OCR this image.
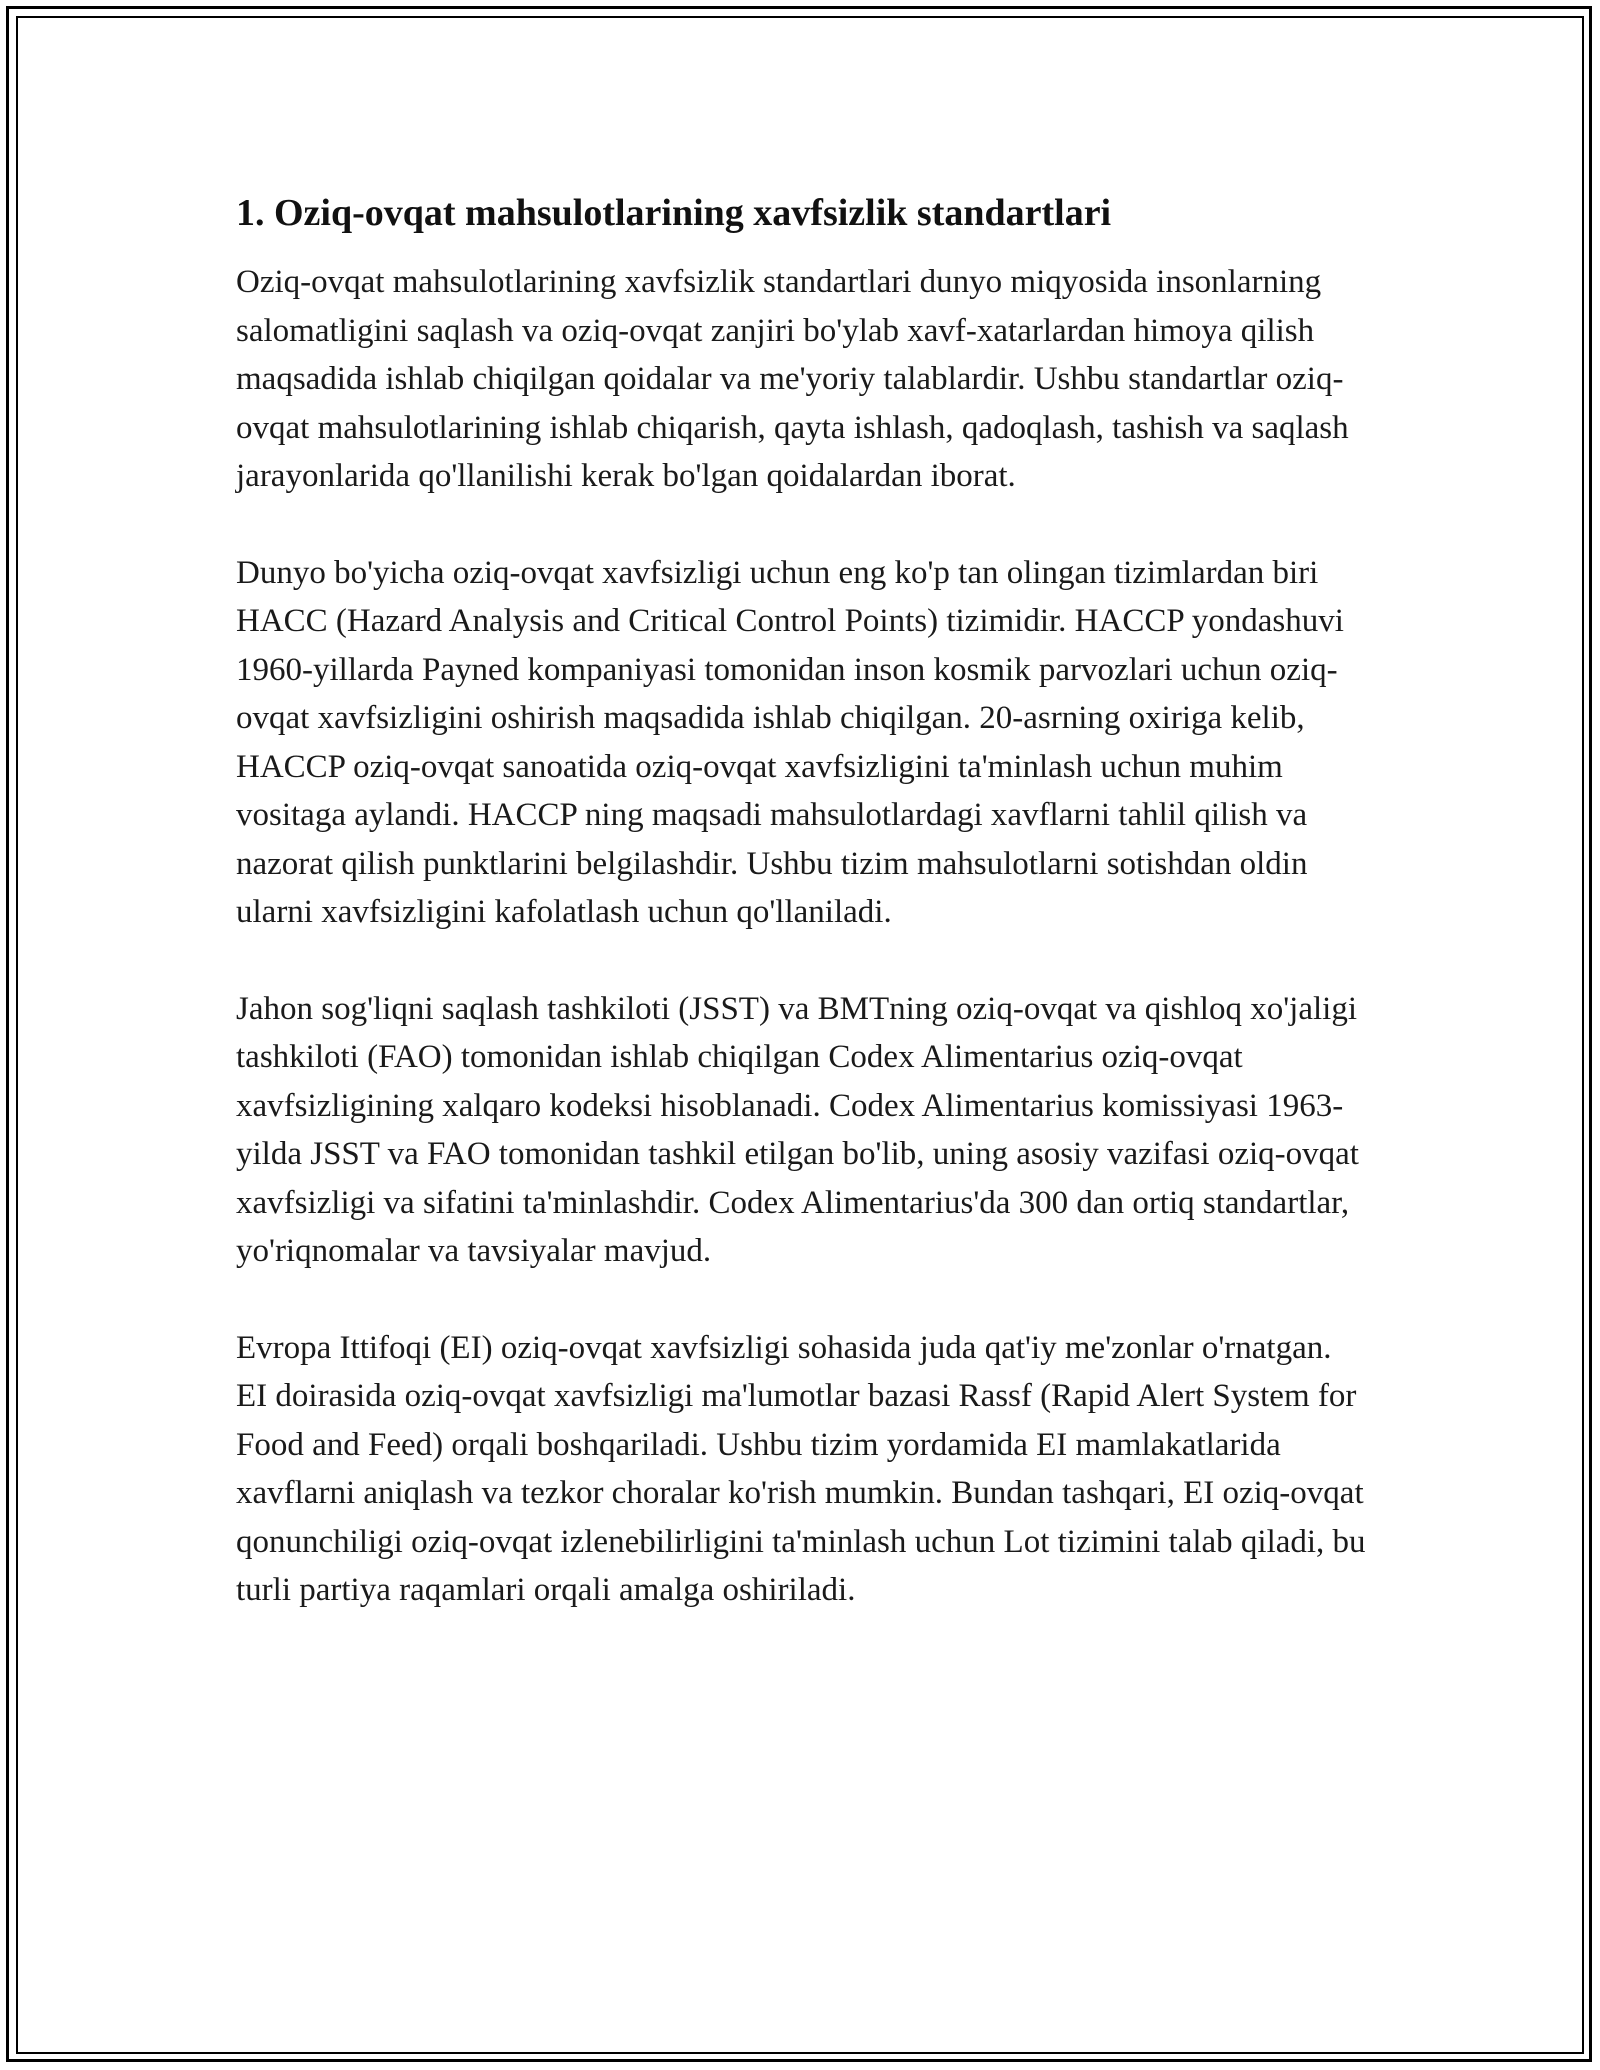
1. Oziq-ovqat mahsulotlarining xavfsizlik standartlari

Oziq-ovqat mahsulotlarining xavfsizlik standartlari dunyo miqyosida insonlarning salomatligini saqlash va oziq-ovqat zanjiri bo'ylab xavf-xatarlardan himoya qilish maqsadida ishlab chiqilgan qoidalar va me'yoriy talablardir. Ushbu standartlar oziq-ovqat mahsulotlarining ishlab chiqarish, qayta ishlash, qadoqlash, tashish va saqlash jarayonlarida qo'llanilishi kerak bo'lgan qoidalardan iborat.

Dunyo bo'yicha oziq-ovqat xavfsizligi uchun eng ko'p tan olingan tizimlardan biri HACC (Hazard Analysis and Critical Control Points) tizimidir. HACCP yondashuvi 1960-yillarda Payned kompaniyasi tomonidan inson kosmik parvozlari uchun oziq-ovqat xavfsizligini oshirish maqsadida ishlab chiqilgan. 20-asrning oxiriga kelib, HACCP oziq-ovqat sanoatida oziq-ovqat xavfsizligini ta'minlash uchun muhim vositaga aylandi. HACCP ning maqsadi mahsulotlardagi xavflarni tahlil qilish va nazorat qilish punktlarini belgilashdir. Ushbu tizim mahsulotlarni sotishdan oldin ularni xavfsizligini kafolatlash uchun qo'llaniladi.

Jahon sog'liqni saqlash tashkiloti (JSST) va BMTning oziq-ovqat va qishloq xo'jaligi tashkiloti (FAO) tomonidan ishlab chiqilgan Codex Alimentarius oziq-ovqat xavfsizligining xalqaro kodeksi hisoblanadi. Codex Alimentarius komissiyasi 1963-yilda JSST va FAO tomonidan tashkil etilgan bo'lib, uning asosiy vazifasi oziq-ovqat xavfsizligi va sifatini ta'minlashdir. Codex Alimentarius'da 300 dan ortiq standartlar, yo'riqnomalar va tavsiyalar mavjud.

Evropa Ittifoqi (EI) oziq-ovqat xavfsizligi sohasida juda qat'iy me'zonlar o'rnatgan. EI doirasida oziq-ovqat xavfsizligi ma'lumotlar bazasi Rassf (Rapid Alert System for Food and Feed) orqali boshqariladi. Ushbu tizim yordamida EI mamlakatlarida xavflarni aniqlash va tezkor choralar ko'rish mumkin. Bundan tashqari, EI oziq-ovqat qonunchiligi oziq-ovqat izlenebilirligini ta'minlash uchun Lot tizimini talab qiladi, bu turli partiya raqamlari orqali amalga oshiriladi.
